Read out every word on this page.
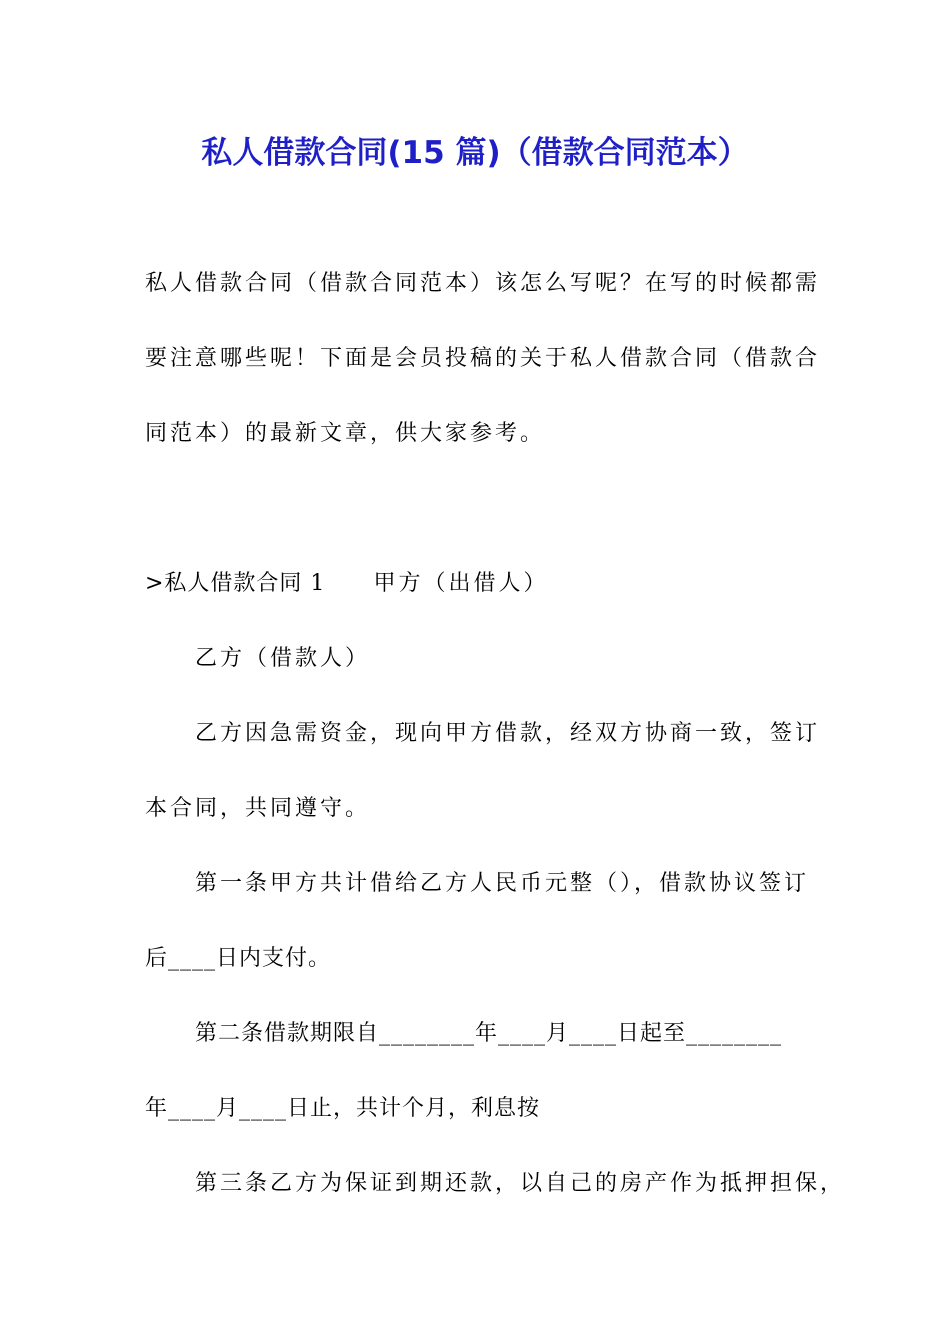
私人借款合同(15 篇)（借款合同范本）

私人借款合同（借款合同范本）该怎么写呢？在写的时候都需

要注意哪些呢！下面是会员投稿的关于私人借款合同（借款合

同范本）的最新文章，供大家参考。

>私人借款合同 1 甲方（出借人）

乙方（借款人）

乙方因急需资金，现向甲方借款，经双方协商一致，签订

本合同，共同遵守。

第一条甲方共计借给乙方人民币元整（），借款协议签订

后____日内支付。

第二条借款期限自________年____月____日起至________

年____月____日止，共计个月，利息按

第三条乙方为保证到期还款，以自己的房产作为抵押担保，
